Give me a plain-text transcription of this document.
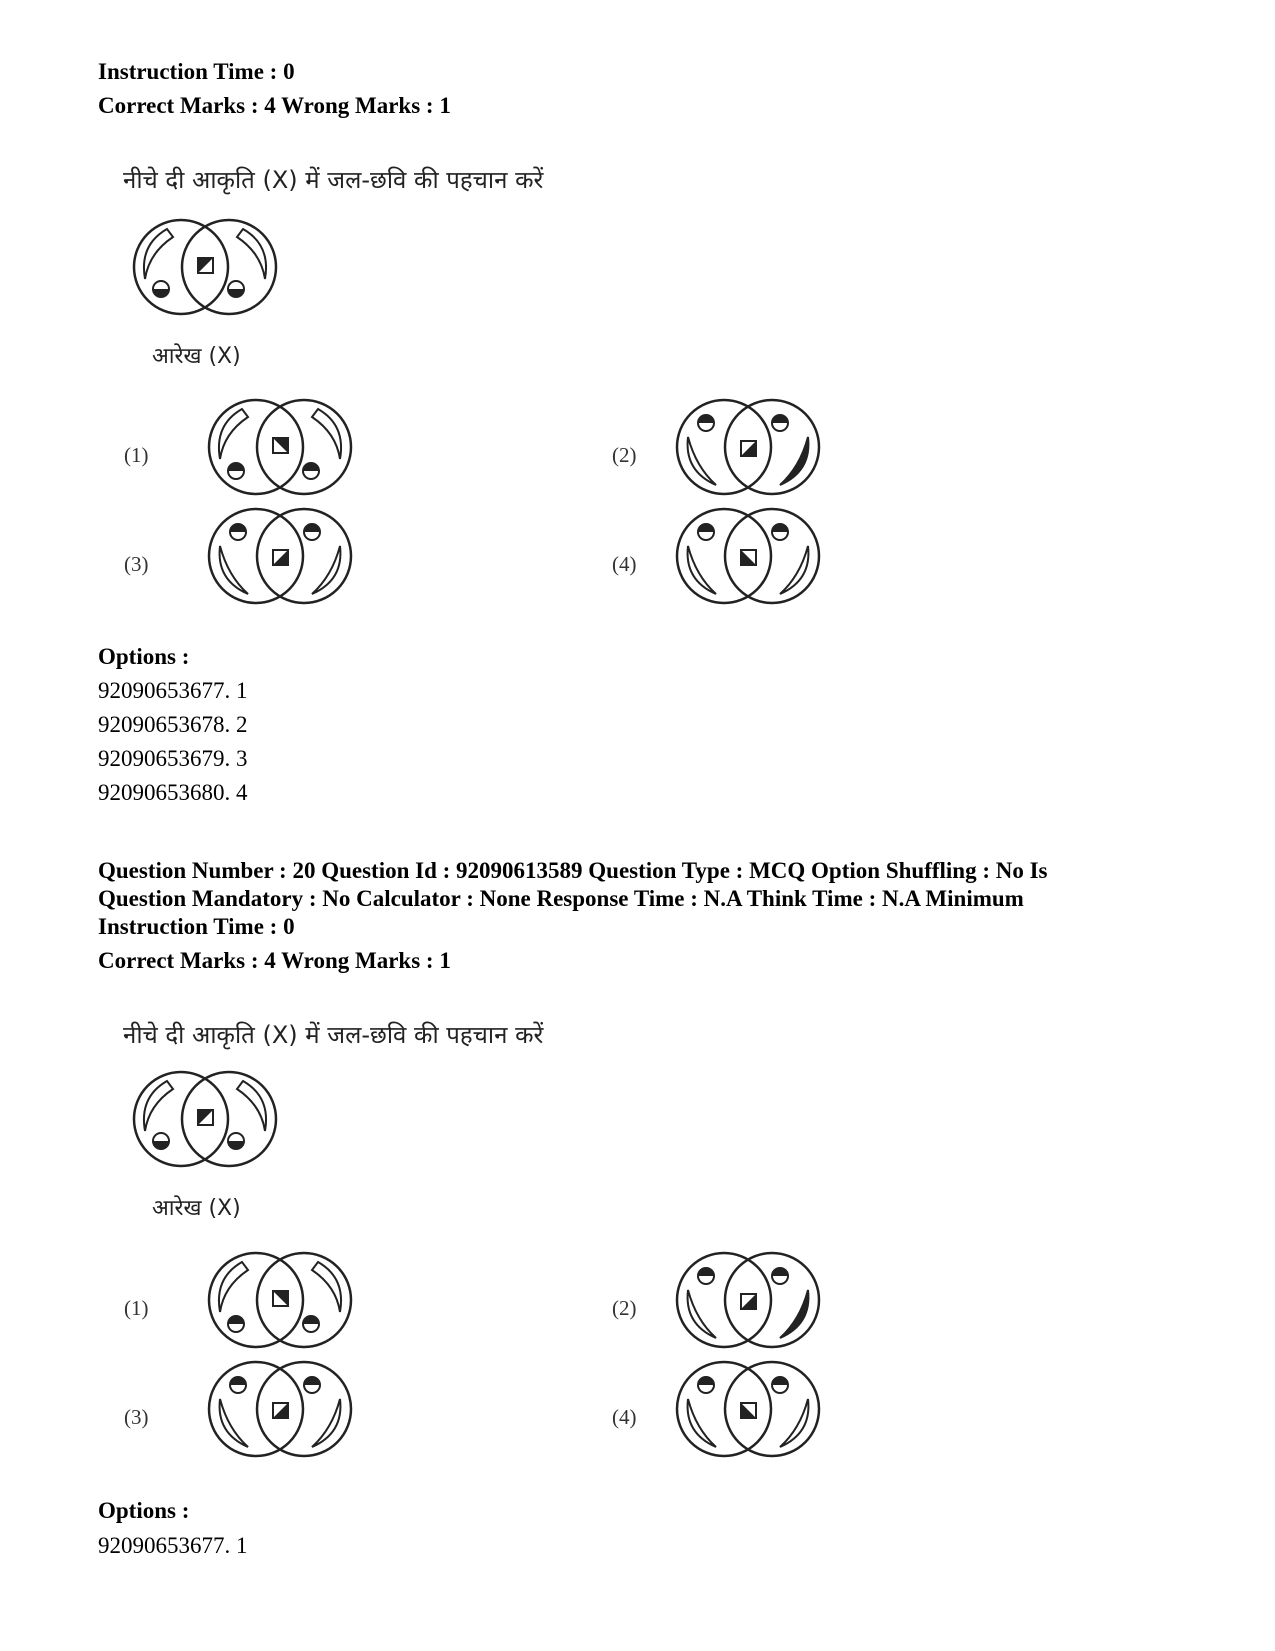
Instruction Time : 0
Correct Marks : 4 Wrong Marks : 1
नीचे दी आकृति (X) में जल-छवि की पहचान करें
आरेख (X)
(1)	(2)
(3)	(4)
Options :
92090653677. 1
92090653678. 2
92090653679. 3
92090653680. 4
Question Number : 20 Question Id : 92090613589 Question Type : MCQ Option Shuffling : No Is
Question Mandatory : No Calculator : None Response Time : N.A Think Time : N.A Minimum
Instruction Time : 0
Correct Marks : 4 Wrong Marks : 1
नीचे दी आकृति (X) में जल-छवि की पहचान करें
आरेख (X)
(1)	(2)
(3)	(4)
Options :
92090653677. 1
